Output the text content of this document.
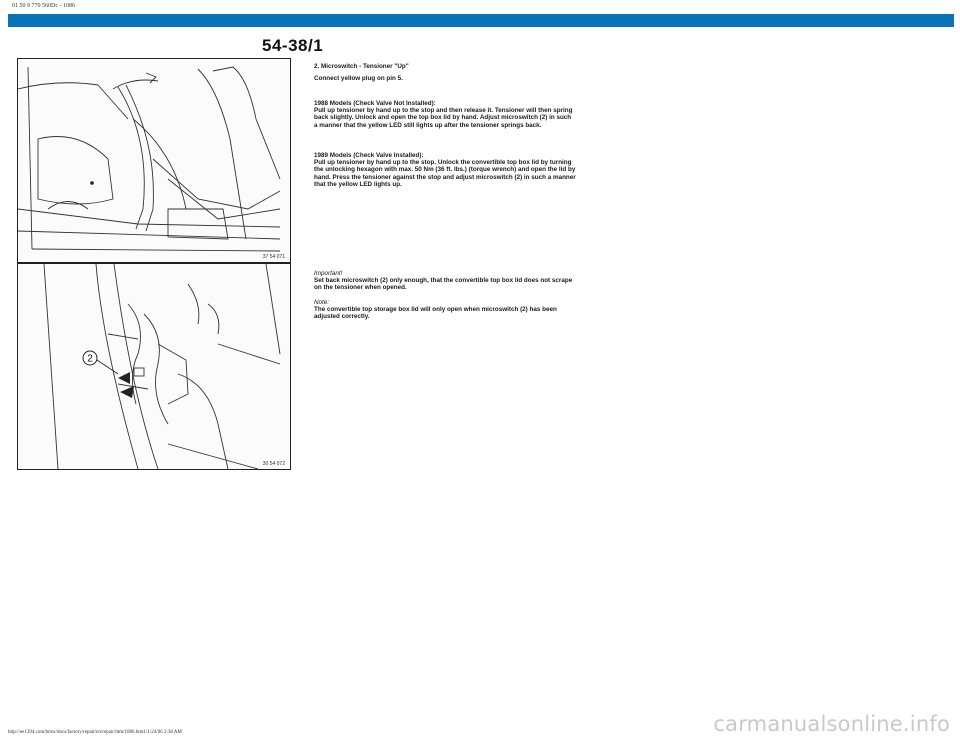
01 50 9 770 560Dc - 1086
54-38/1
37 54 071
2
30 54 072

2. Microswitch - Tensioner "Up"

Connect yellow plug on pin 5.

1988 Models (Check Valve Not Installed):

Pull up tensioner by hand up to the stop and then release it. Tensioner will then spring back slightly. Unlock and open the top box lid by hand. Adjust microswitch (2) in such a manner that the yellow LED still lights up after the tensioner springs back.

1989 Models (Check Valve Installed):

Pull up tensioner by hand up to the stop. Unlock the convertible top box lid by turning the unlocking hexagon with max. 50 Nm (36 ft. lbs.) (torque wrench) and open the lid by hand. Press the tensioner against the stop and adjust microswitch (2) in such a manner that the yellow LED lights up.

Important!

Set back microswitch (2) only enough, that the convertible top box lid does not scrape on the tensioner when opened.

Note:

The convertible top storage box lid will only open when microswitch (2) has been adjusted correctly.

http://ee1394.com/bmw/docs/factory/repair/en/repair/htm/1086.htm1/1/24/06 2:38 AM	carmanualsonline.info
